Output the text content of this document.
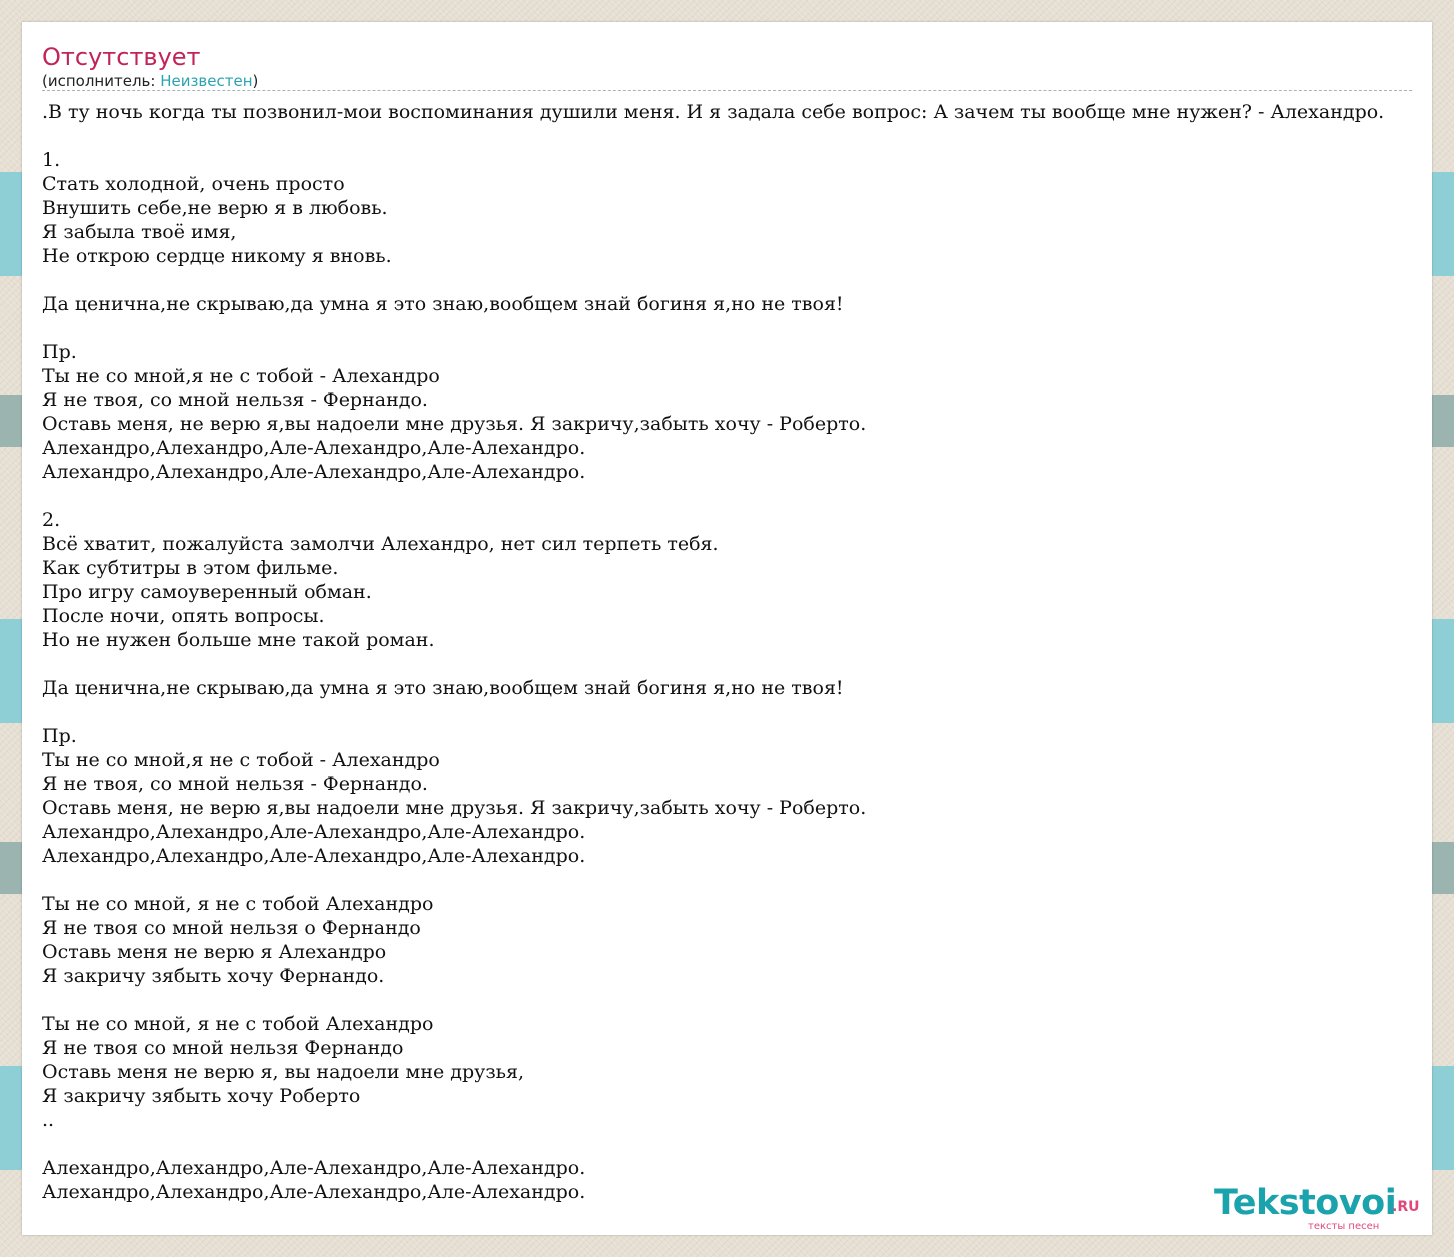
Отсутствует
(исполнитель: Неизвестен)
.В ту ночь когда ты позвонил-мои воспоминания душили меня. И я задала себе вопрос: А зачем ты вообще мне нужен? - Алехандро.

1.
Стать холодной, очень просто
Внушить себе,не верю я в любовь.
Я забыла твоё имя,
Не открою сердце никому я вновь.

Да ценична,не скрываю,да умна я это знаю,вообщем знай богиня я,но не твоя!

Пр.
Ты не со мной,я не с тобой - Алехандро
Я не твоя, со мной нельзя - Фернандо.
Оставь меня, не верю я,вы надоели мне друзья. Я закричу,забыть хочу - Роберто.
Алехандро,Алехандро,Але-Алехандро,Але-Алехандро.
Алехандро,Алехандро,Але-Алехандро,Але-Алехандро.

2.
Всё хватит, пожалуйста замолчи Алехандро, нет сил терпеть тебя.
Как субтитры в этом фильме.
Про игру самоуверенный обман.
После ночи, опять вопросы.
Но не нужен больше мне такой роман.

Да ценична,не скрываю,да умна я это знаю,вообщем знай богиня я,но не твоя!

Пр.
Ты не со мной,я не с тобой - Алехандро
Я не твоя, со мной нельзя - Фернандо.
Оставь меня, не верю я,вы надоели мне друзья. Я закричу,забыть хочу - Роберто.
Алехандро,Алехандро,Але-Алехандро,Але-Алехандро.
Алехандро,Алехандро,Але-Алехандро,Але-Алехандро.

Ты не со мной, я не с тобой Алехандро
Я не твоя со мной нельзя о Фернандо
Оставь меня не верю я Алехандро
Я закричу зябыть хочу Фернандо.

Ты не со мной, я не с тобой Алехандро
Я не твоя со мной нельзя Фернандо
Оставь меня не верю я, вы надоели мне друзья,
Я закричу зябыть хочу Роберто
..

Алехандро,Алехандро,Але-Алехандро,Але-Алехандро.
Алехандро,Алехандро,Але-Алехандро,Але-Алехандро.	Tekstovoi
.RU
тексты песен
